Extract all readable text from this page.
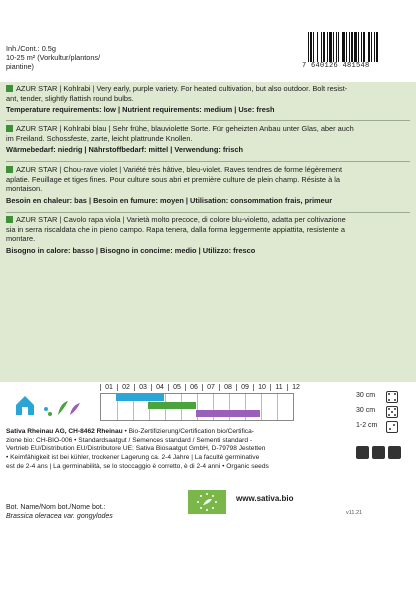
Inh./Cont.: 0.5g
10-25 m² (Vorkultur/plantons/
piantine)	7 640126 481548
AZUR STAR | Kohlrabi | Very early, purple variety. For heated cultivation, but also outdoor. Bolt resist-
ant, tender, slightly flattish round bulbs.
Temperature requirements: low | Nutrient requirements: medium | Use: fresh
AZUR STAR | Kohlrabi blau | Sehr frühe, blauviolette Sorte. Für geheizten Anbau unter Glas, aber auch
im Freiland. Schossfeste, zarte, leicht plattrunde Knollen.
Wärmebedarf: niedrig | Nährstoffbedarf: mittel | Verwendung: frisch
AZUR STAR | Chou-rave violet | Variété très hâtive, bleu-violet. Raves tendres de forme légèrement
aplatie. Feuillage et tiges fines. Pour culture sous abri et première culture de plein champ. Résiste à la
montaison.
Besoin en chaleur: bas | Besoin en fumure: moyen | Utilisation: consommation frais, primeur
AZUR STAR | Cavolo rapa viola | Varietà molto precoce, di colore blu-violetto, adatta per coltivazione
sia in serra riscaldata che in pieno campo. Rapa tenera, dalla forma leggermente appiattita, resistente a
montare.
Bisogno in calore: basso | Bisogno in concime: medio | Utilizzo: fresco
01	02	03	04	05	06	07	08	09	10	11	12
30 cm
30 cm
1-2 cm
Sativa Rheinau AG, CH-8462 Rheinau • Bio-Zertifizierung/Certification bio/Certifica-
zione bio: CH-BIO-006 • Standardsaatgut / Semences standard / Sementi standard -
Vertrieb EU/Distribution EU/Distributore UE: Sativa Biosaatgut GmbH, D-79798 Jestetten
• Keimfähigkeit ist bei kühler, trockener Lagerung ca. 2-4 Jahre | La faculté germinative
est de 2-4 ans | La germinabilità, se lo stoccaggio è corretto, è di 2-4 anni • Organic seeds
Bot. Name/Nom bot./Nome bot.:
Brassica oleracea var. gongylodes
www.sativa.bio
v11.21
